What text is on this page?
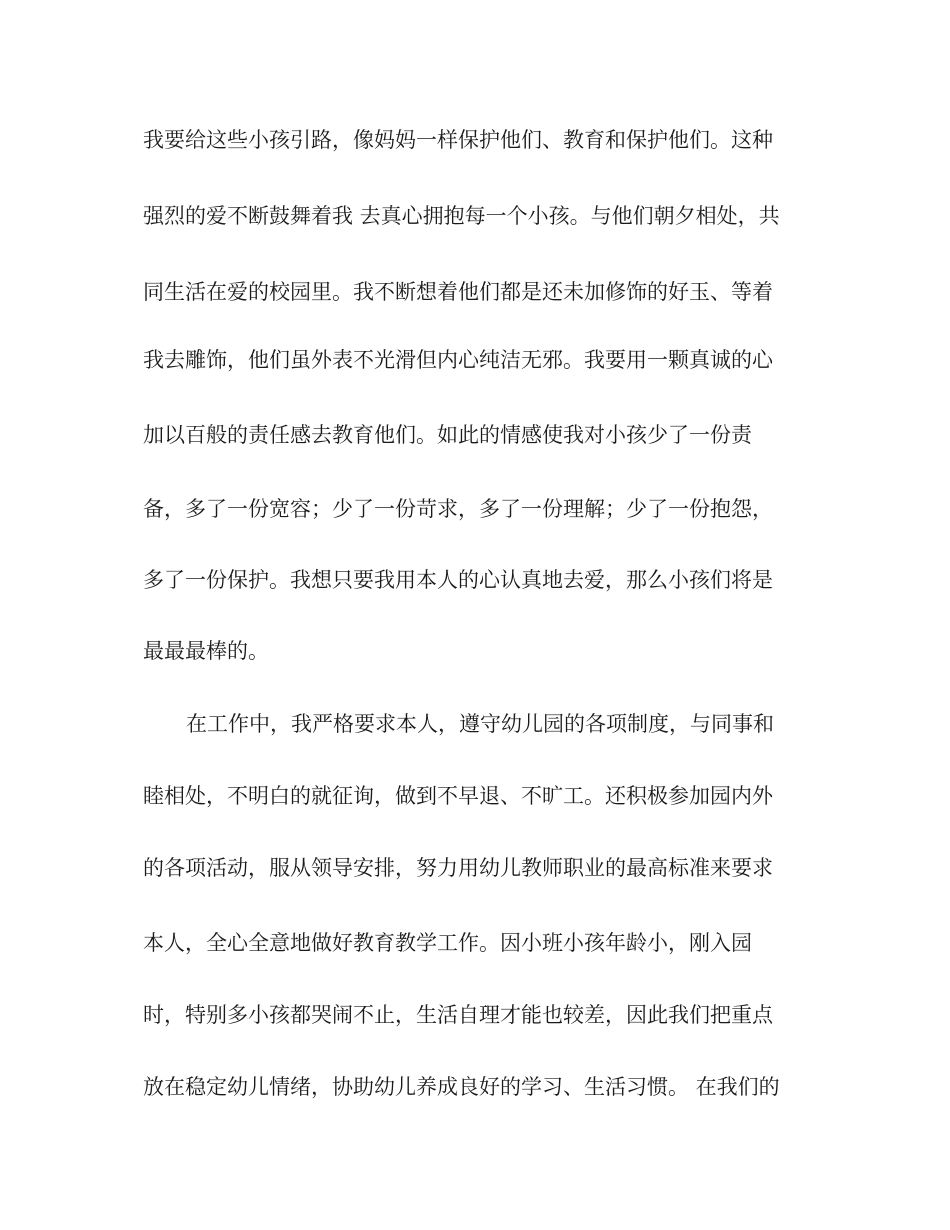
我要给这些小孩引路，像妈妈一样保护他们、教育和保护他们。这种
强烈的爱不断鼓舞着我 去真心拥抱每一个小孩。与他们朝夕相处，共
同生活在爱的校园里。我不断想着他们都是还未加修饰的好玉、等着
我去雕饰，他们虽外表不光滑但内心纯洁无邪。我要用一颗真诚的心
加以百般的责任感去教育他们。如此的情感使我对小孩少了一份责
备，多了一份宽容；少了一份苛求，多了一份理解；少了一份抱怨，
多了一份保护。我想只要我用本人的心认真地去爱，那么小孩们将是
最最最棒的。
在工作中，我严格要求本人，遵守幼儿园的各项制度，与同事和
睦相处，不明白的就征询，做到不早退、不旷工。还积极参加园内外
的各项活动，服从领导安排，努力用幼儿教师职业的最高标准来要求
本人，全心全意地做好教育教学工作。因小班小孩年龄小，刚入园
时，特别多小孩都哭闹不止，生活自理才能也较差，因此我们把重点
放在稳定幼儿情绪，协助幼儿养成良好的学习、生活习惯。 在我们的
